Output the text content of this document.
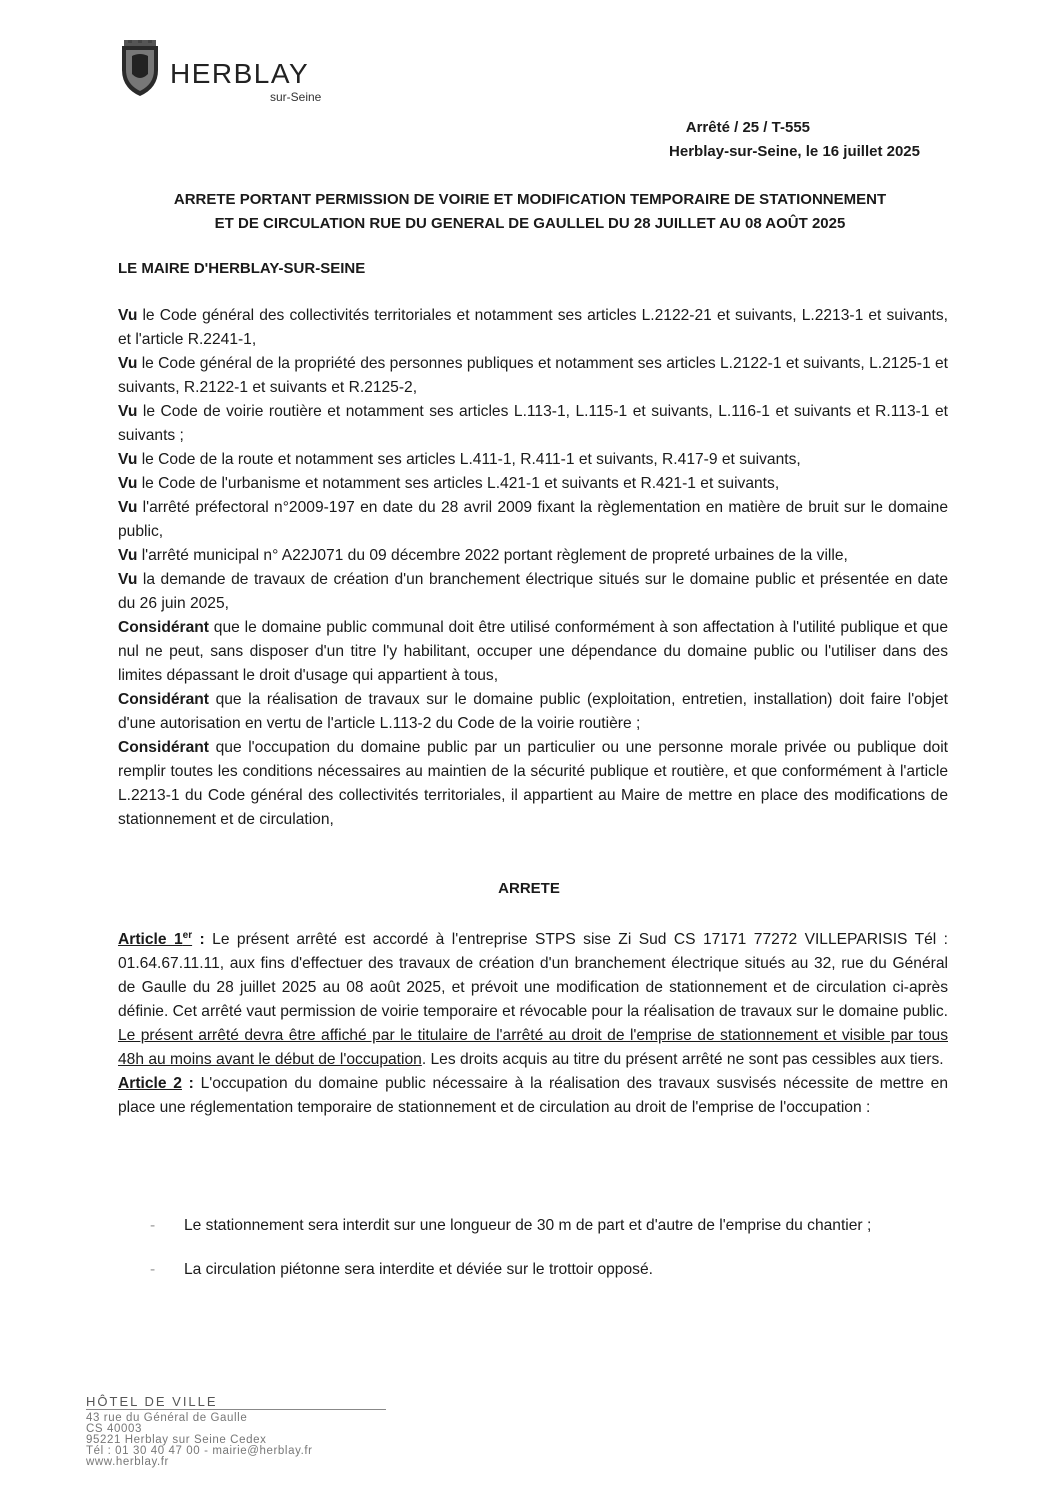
HERBLAY
sur-Seine
Arrêté / 25 / T-555
Herblay-sur-Seine, le 16 juillet 2025
ARRETE PORTANT PERMISSION DE VOIRIE ET MODIFICATION TEMPORAIRE DE STATIONNEMENT
ET DE CIRCULATION RUE DU GENERAL DE GAULLEL DU 28 JUILLET AU 08 AOÛT 2025
LE MAIRE D'HERBLAY-SUR-SEINE

Vu le Code général des collectivités territoriales et notamment ses articles L.2122-21 et suivants, L.2213-1 et suivants, et l'article R.2241-1,

Vu le Code général de la propriété des personnes publiques et notamment ses articles L.2122-1 et suivants, L.2125-1 et suivants, R.2122-1 et suivants et R.2125-2,

Vu le Code de voirie routière et notamment ses articles L.113-1, L.115-1 et suivants, L.116-1 et suivants et R.113-1 et suivants ;

Vu le Code de la route et notamment ses articles L.411-1, R.411-1 et suivants, R.417-9 et suivants,

Vu le Code de l'urbanisme et notamment ses articles L.421-1 et suivants et R.421-1 et suivants,

Vu l'arrêté préfectoral n°2009-197 en date du 28 avril 2009 fixant la règlementation en matière de bruit sur le domaine public,

Vu l'arrêté municipal n° A22J071 du 09 décembre 2022 portant règlement de propreté urbaines de la ville,

Vu la demande de travaux de création d'un branchement électrique situés sur le domaine public et présentée en date du 26 juin 2025,

Considérant que le domaine public communal doit être utilisé conformément à son affectation à l'utilité publique et que nul ne peut, sans disposer d'un titre l'y habilitant, occuper une dépendance du domaine public ou l'utiliser dans des limites dépassant le droit d'usage qui appartient à tous,

Considérant que la réalisation de travaux sur le domaine public (exploitation, entretien, installation) doit faire l'objet d'une autorisation en vertu de l'article L.113-2 du Code de la voirie routière ;

Considérant que l'occupation du domaine public par un particulier ou une personne morale privée ou publique doit remplir toutes les conditions nécessaires au maintien de la sécurité publique et routière, et que conformément à l'article L.2213-1 du Code général des collectivités territoriales, il appartient au Maire de mettre en place des modifications de stationnement et de circulation,

ARRETE

Article 1er : Le présent arrêté est accordé à l'entreprise STPS sise Zi Sud CS 17171 77272 VILLEPARISIS Tél : 01.64.67.11.11, aux fins d'effectuer des travaux de création d'un branchement électrique situés au 32, rue du Général de Gaulle du 28 juillet 2025 au 08 août 2025, et prévoit une modification de stationnement et de circulation ci-après définie. Cet arrêté vaut permission de voirie temporaire et révocable pour la réalisation de travaux sur le domaine public. Le présent arrêté devra être affiché par le titulaire de l'arrêté au droit de l'emprise de stationnement et visible par tous 48h au moins avant le début de l'occupation. Les droits acquis au titre du présent arrêté ne sont pas cessibles aux tiers.

Article 2 : L'occupation du domaine public nécessaire à la réalisation des travaux susvisés nécessite de mettre en place une réglementation temporaire de stationnement et de circulation au droit de l'emprise de l'occupation :

- Le stationnement sera interdit sur une longueur de 30 m de part et d'autre de l'emprise du chantier ;
- La circulation piétonne sera interdite et déviée sur le trottoir opposé.
HÔTEL DE VILLE
43 rue du Général de Gaulle
CS 40003
95221 Herblay sur Seine Cedex
Tél : 01 30 40 47 00 - mairie@herblay.fr
www.herblay.fr
